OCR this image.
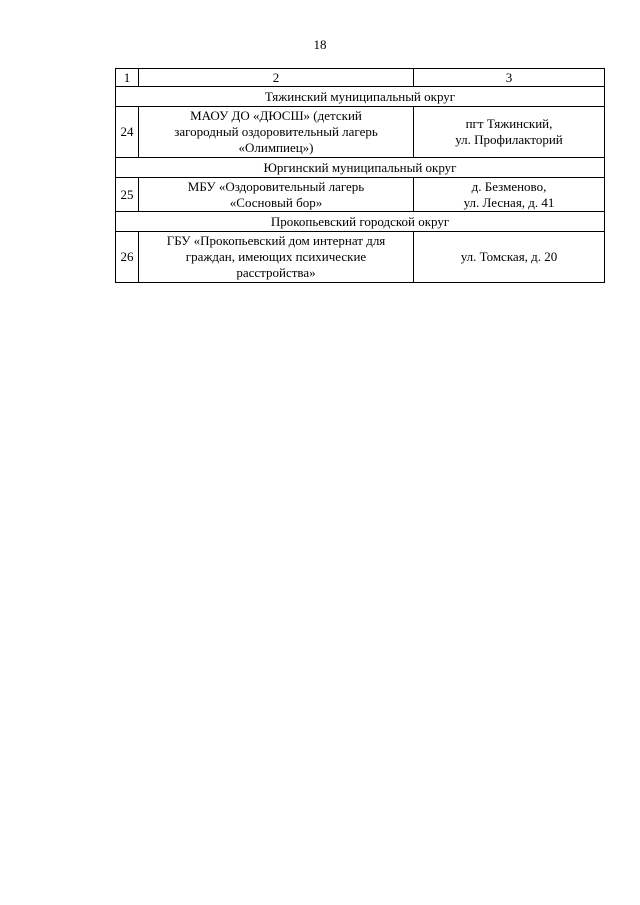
18
1	2	3
Тяжинский муниципальный округ		
24	МАОУ ДО «ДЮСШ» (детский
загородный оздоровительный лагерь
«Олимпиец»)	пгт Тяжинский,
ул. Профилакторий
Юргинский муниципальный округ		
25	МБУ «Оздоровительный лагерь
«Сосновый бор»	д. Безменово,
ул. Лесная, д. 41
Прокопьевский городской округ		
26	ГБУ «Прокопьевский дом интернат для
граждан, имеющих психические
расстройства»	ул. Томская, д. 20
